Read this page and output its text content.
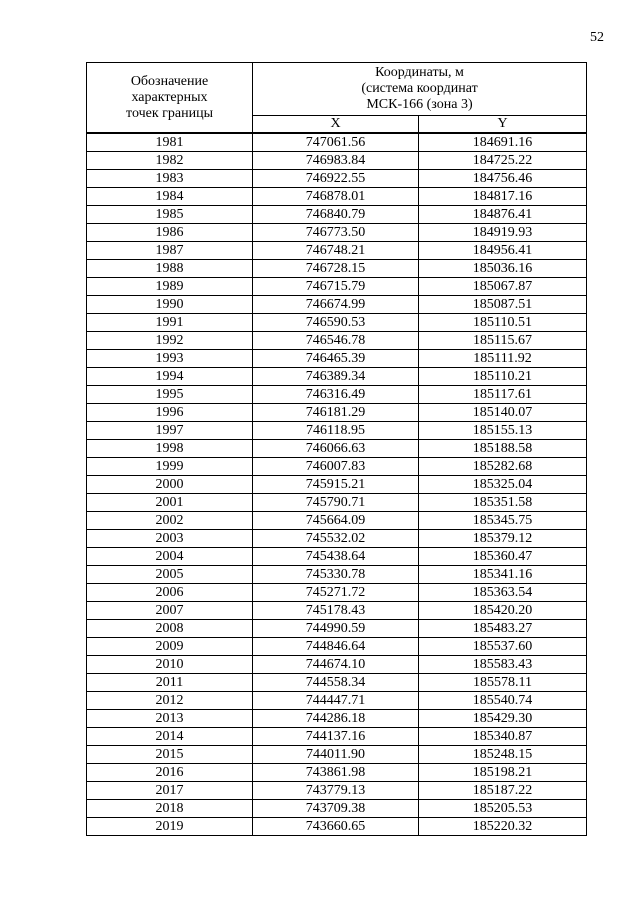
52
Обозначение
характерных
точек границы	Координаты, м
(система координат
МСК-166 (зона 3)	

	X	Y
1981	747061.56	184691.16
1982	746983.84	184725.22
1983	746922.55	184756.46
1984	746878.01	184817.16
1985	746840.79	184876.41
1986	746773.50	184919.93
1987	746748.21	184956.41
1988	746728.15	185036.16
1989	746715.79	185067.87
1990	746674.99	185087.51
1991	746590.53	185110.51
1992	746546.78	185115.67
1993	746465.39	185111.92
1994	746389.34	185110.21
1995	746316.49	185117.61
1996	746181.29	185140.07
1997	746118.95	185155.13
1998	746066.63	185188.58
1999	746007.83	185282.68
2000	745915.21	185325.04
2001	745790.71	185351.58
2002	745664.09	185345.75
2003	745532.02	185379.12
2004	745438.64	185360.47
2005	745330.78	185341.16
2006	745271.72	185363.54
2007	745178.43	185420.20
2008	744990.59	185483.27
2009	744846.64	185537.60
2010	744674.10	185583.43
2011	744558.34	185578.11
2012	744447.71	185540.74
2013	744286.18	185429.30
2014	744137.16	185340.87
2015	744011.90	185248.15
2016	743861.98	185198.21
2017	743779.13	185187.22
2018	743709.38	185205.53
2019	743660.65	185220.32
